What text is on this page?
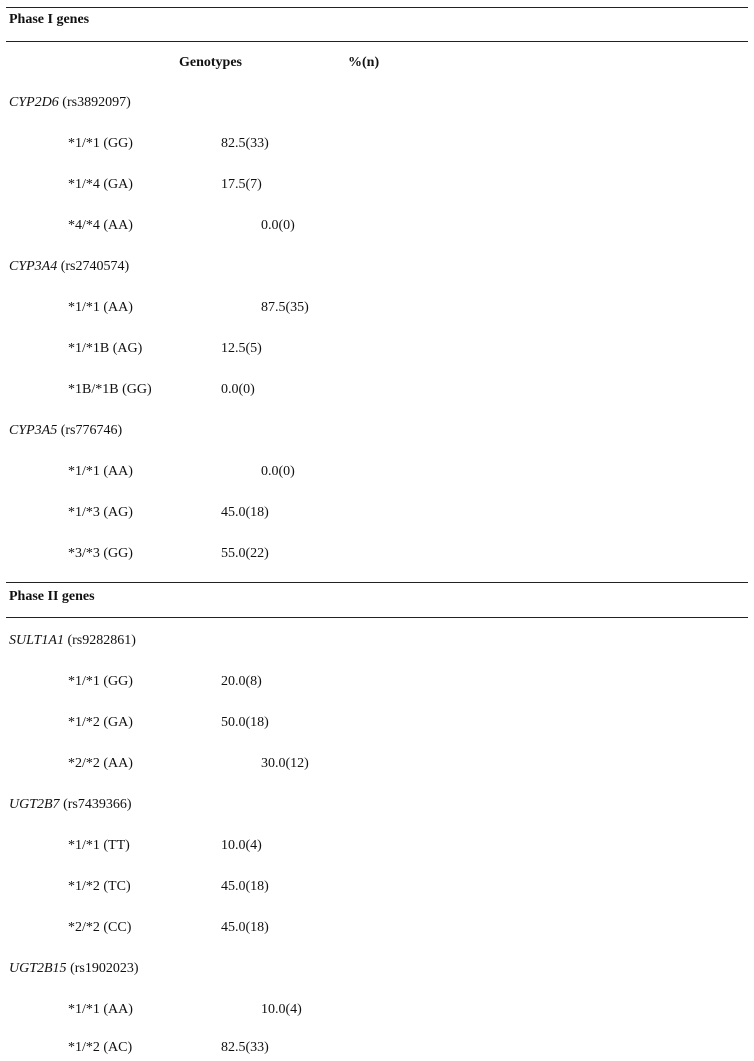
Phase I genes
Genotypes	%(n)
CYP2D6 (rs3892097)
*1/*1 (GG)	82.5(33)
*1/*4 (GA)	17.5(7)
*4/*4 (AA)	0.0(0)
CYP3A4 (rs2740574)
*1/*1 (AA)	87.5(35)
*1/*1B (AG)	12.5(5)
*1B/*1B (GG)	0.0(0)
CYP3A5 (rs776746)
*1/*1 (AA)	0.0(0)
*1/*3 (AG)	45.0(18)
*3/*3 (GG)	55.0(22)
Phase II genes
SULT1A1 (rs9282861)
*1/*1 (GG)	20.0(8)
*1/*2 (GA)	50.0(18)
*2/*2 (AA)	30.0(12)
UGT2B7 (rs7439366)
*1/*1 (TT)	10.0(4)
*1/*2 (TC)	45.0(18)
*2/*2 (CC)	45.0(18)
UGT2B15 (rs1902023)
*1/*1 (AA)	10.0(4)
*1/*2 (AC)	82.5(33)
